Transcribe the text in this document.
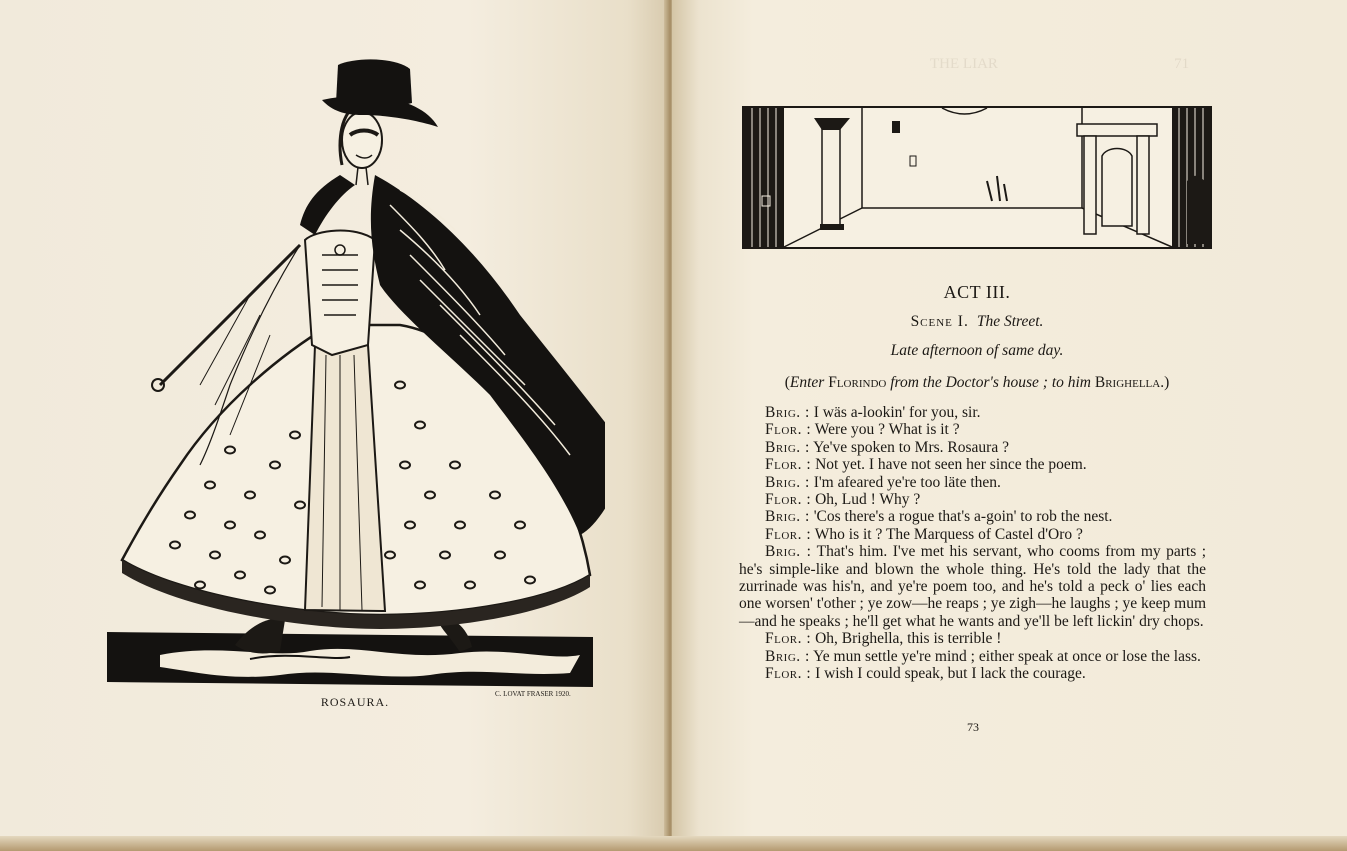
C. LOVAT FRASER 1920.
ROSAURA.
THE LIAR                                               71
ACT III.
Scene I. The Street.
Late afternoon of same day.
(Enter Florindo from the Doctor's house ; to him Brighella.)
Brig. : I wäs a-lookin' for you, sir.
Flor. : Were you ? What is it ?
Brig. : Ye've spoken to Mrs. Rosaura ?
Flor. : Not yet. I have not seen her since the poem.
Brig. : I'm afeared ye're too läte then.
Flor. : Oh, Lud ! Why ?
Brig. : 'Cos there's a rogue that's a-goin' to rob the nest.
Flor. : Who is it ? The Marquess of Castel d'Oro ?
Brig. : That's him. I've met his servant, who cooms from my parts ; he's simple-like and blown the whole thing. He's told the lady that the zurrinade was his'n, and ye're poem too, and he's told a peck o' lies each one worsen' t'other ; ye zow—he reaps ; ye zigh—he laughs ; ye keep mum—and he speaks ; he'll get what he wants and ye'll be left lickin' dry chops.
Flor. : Oh, Brighella, this is terrible !
Brig. : Ye mun settle ye're mind ; either speak at once or lose the lass.
Flor. : I wish I could speak, but I lack the courage.
73
